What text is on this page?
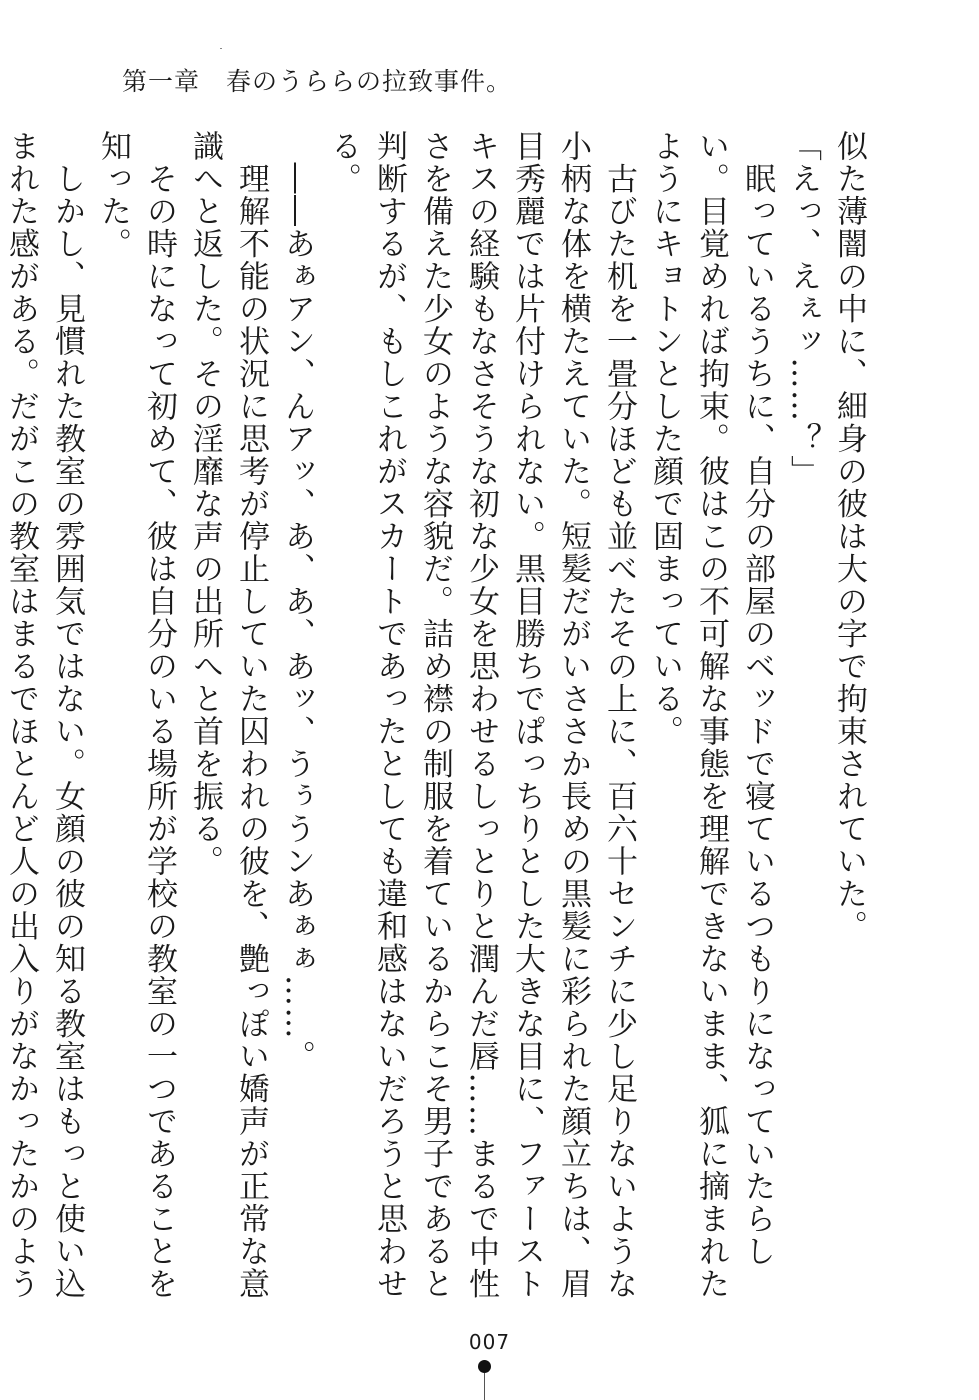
第一章 春のうららの拉致事件。

似た薄闇の中に、細身の彼は大の字で拘束されていた。

「えっ、えぇッ……？」

　眠っているうちに、自分の部屋のベッドで寝ているつもりになっていたらしい。目覚めれば拘束。彼はこの不可解な事態を理解できないまま、狐に摘まれたようにキョトンとした顔で固まっている。

　古びた机を一畳分ほども並べたその上に、百六十センチに少し足りないような小柄な体を横たえていた。短髪だがいささか長めの黒髪に彩られた顔立ちは、眉目秀麗では片付けられない。黒目勝ちでぱっちりとした大きな目に、ファーストキスの経験もなさそうな初な少女を思わせるしっとりと潤んだ唇……まるで中性さを備えた少女のような容貌だ。詰め襟の制服を着ているからこそ男子であると判断するが、もしこれがスカートであったとしても違和感はないだろうと思わせる。

　――あぁアン、んアッ、あ、あ、あッ、うぅうンあぁぁ……。

　理解不能の状況に思考が停止していた囚われの彼を、艶っぽい嬌声が正常な意識へと返した。その淫靡な声の出所へと首を振る。

　その時になって初めて、彼は自分のいる場所が学校の教室の一つであることを知った。

　しかし、見慣れた教室の雰囲気ではない。女顔の彼の知る教室はもっと使い込まれた感がある。だがこの教室はまるでほとんど人の出入りがなかったかのよう

007
